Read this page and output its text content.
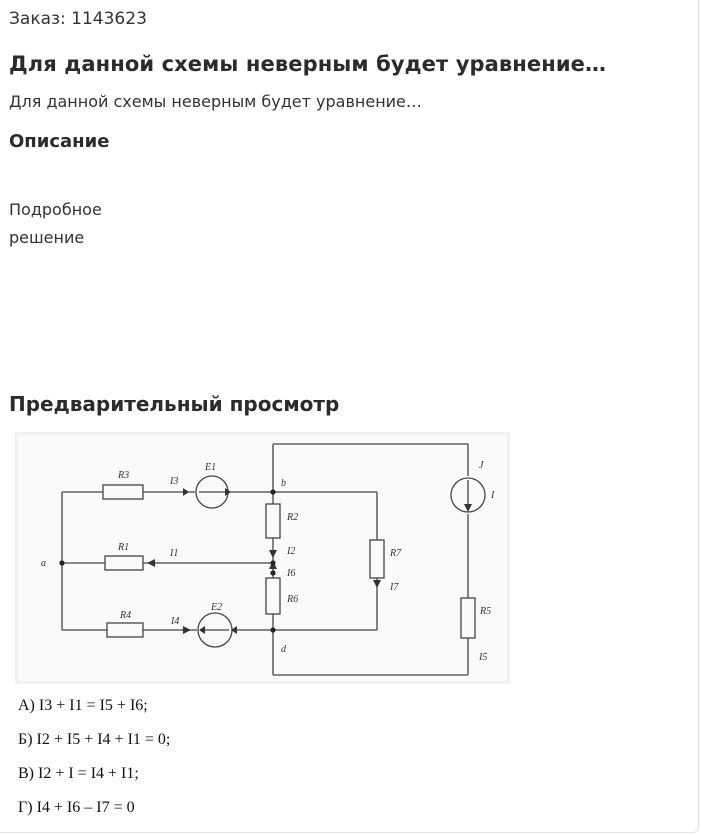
Заказ: 1143623
Для данной схемы неверным будет уравнение…
Для данной схемы неверным будет уравнение…
Описание
Подробное решение
Предварительный просмотр
R3
E1
I3
R1
I1
R4
E2
I4
R2
I2
I6
R6
R7
I7
J
I
R5
I5
a
b
d
А) I3 + I1 = I5 + I6;
Б) I2 + I5 + I4 + I1 = 0;
В) I2 + I = I4 + I1;
Г) I4 + I6 – I7 = 0
